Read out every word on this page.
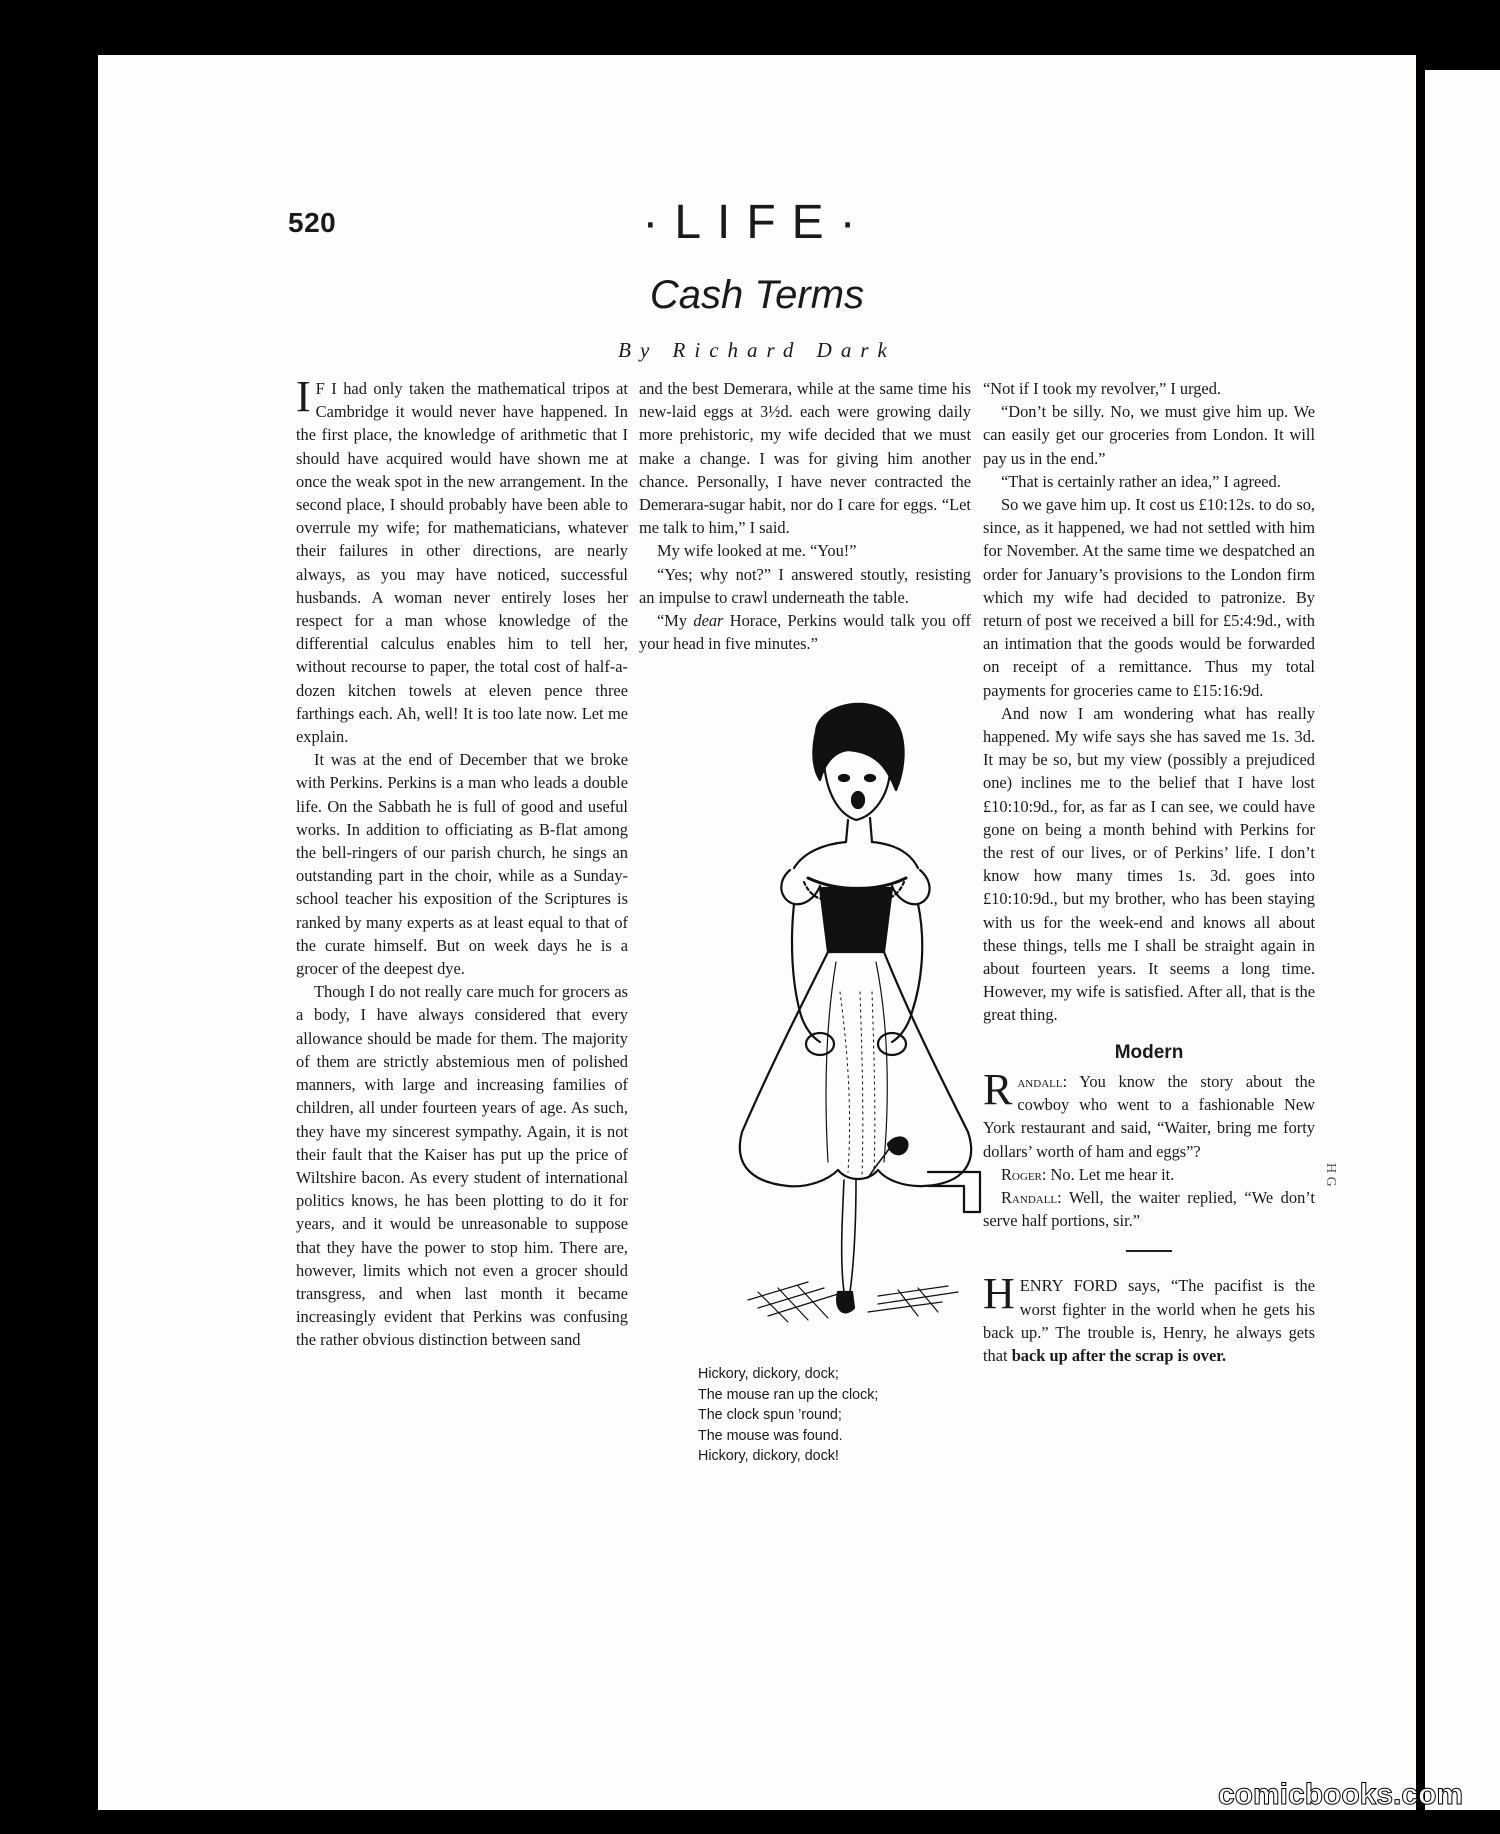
520	·LIFE·
Cash Terms
By Richard Dark

I F I had only taken the mathematical tripos at Cambridge it would never have happened. In the first place, the knowledge of arithmetic that I should have acquired would have shown me at once the weak spot in the new arrangement. In the second place, I should probably have been able to overrule my wife; for mathematicians, whatever their failures in other directions, are nearly always, as you may have noticed, successful husbands. A woman never entirely loses her respect for a man whose knowledge of the differential calculus enables him to tell her, without recourse to paper, the total cost of half-a-dozen kitchen towels at eleven pence three farthings each. Ah, well! It is too late now. Let me explain.

It was at the end of December that we broke with Perkins. Perkins is a man who leads a double life. On the Sabbath he is full of good and useful works. In addition to officiating as B-flat among the bell-ringers of our parish church, he sings an outstanding part in the choir, while as a Sunday-school teacher his exposition of the Scriptures is ranked by many experts as at least equal to that of the curate himself. But on week days he is a grocer of the deepest dye.

Though I do not really care much for grocers as a body, I have always considered that every allowance should be made for them. The majority of them are strictly abstemious men of polished manners, with large and increasing families of children, all under fourteen years of age. As such, they have my sincerest sympathy. Again, it is not their fault that the Kaiser has put up the price of Wiltshire bacon. As every student of international politics knows, he has been plotting to do it for years, and it would be unreasonable to suppose that they have the power to stop him. There are, however, limits which not even a grocer should transgress, and when last month it became increasingly evident that Perkins was confusing the rather obvious distinction between sand

and the best Demerara, while at the same time his new-laid eggs at 3½d. each were growing daily more prehistoric, my wife decided that we must make a change. I was for giving him another chance. Personally, I have never contracted the Demerara-sugar habit, nor do I care for eggs. “Let me talk to him,” I said.

My wife looked at me. “You!”

“Yes; why not?” I answered stoutly, resisting an impulse to crawl underneath the table.

“My dear Horace, Perkins would talk you off your head in five minutes.”

H G
Hickory, dickory, dock;
The mouse ran up the clock;
The clock spun ’round;
The mouse was found.
Hickory, dickory, dock!

“Not if I took my revolver,” I urged.

“Don’t be silly. No, we must give him up. We can easily get our groceries from London. It will pay us in the end.”

“That is certainly rather an idea,” I agreed.

So we gave him up. It cost us £10:12s. to do so, since, as it happened, we had not settled with him for November. At the same time we despatched an order for January’s provisions to the London firm which my wife had decided to patronize. By return of post we received a bill for £5:4:9d., with an intimation that the goods would be forwarded on receipt of a remittance. Thus my total payments for groceries came to £15:16:9d.

And now I am wondering what has really happened. My wife says she has saved me 1s. 3d. It may be so, but my view (possibly a prejudiced one) inclines me to the belief that I have lost £10:10:9d., for, as far as I can see, we could have gone on being a month behind with Perkins for the rest of our lives, or of Perkins’ life. I don’t know how many times 1s. 3d. goes into £10:10:9d., but my brother, who has been staying with us for the week-end and knows all about these things, tells me I shall be straight again in about fourteen years. It seems a long time. However, my wife is satisfied. After all, that is the great thing.

Modern

Randall: You know the story about the cowboy who went to a fashionable New York restaurant and said, “Waiter, bring me forty dollars’ worth of ham and eggs”?

Roger: No. Let me hear it.

Randall: Well, the waiter replied, “We don’t serve half portions, sir.”

HENRY FORD says, “The pacifist is the worst fighter in the world when he gets his back up.” The trouble is, Henry, he always gets that back up after the scrap is over.

comicbooks.com
